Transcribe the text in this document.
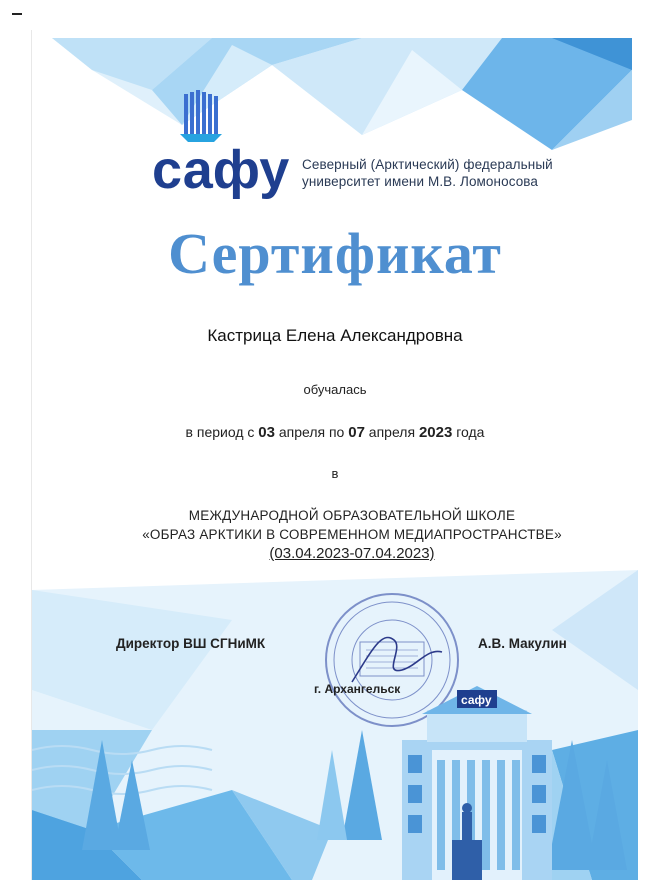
сафу Северный (Арктический) федеральный
университет имени М.В. Ломоносова
Сертификат
Кастрица Елена Александровна
обучалась
в период с 03 апреля по 07 апреля 2023 года
в
МЕЖДУНАРОДНОЙ ОБРАЗОВАТЕЛЬНОЙ ШКОЛЕ
«ОБРАЗ АРКТИКИ В СОВРЕМЕННОМ МЕДИАПРОСТРАНСТВЕ»
(03.04.2023-07.04.2023)
Директор ВШ СГНиМК	А.В. Макулин
г. Архангельск
сафу
